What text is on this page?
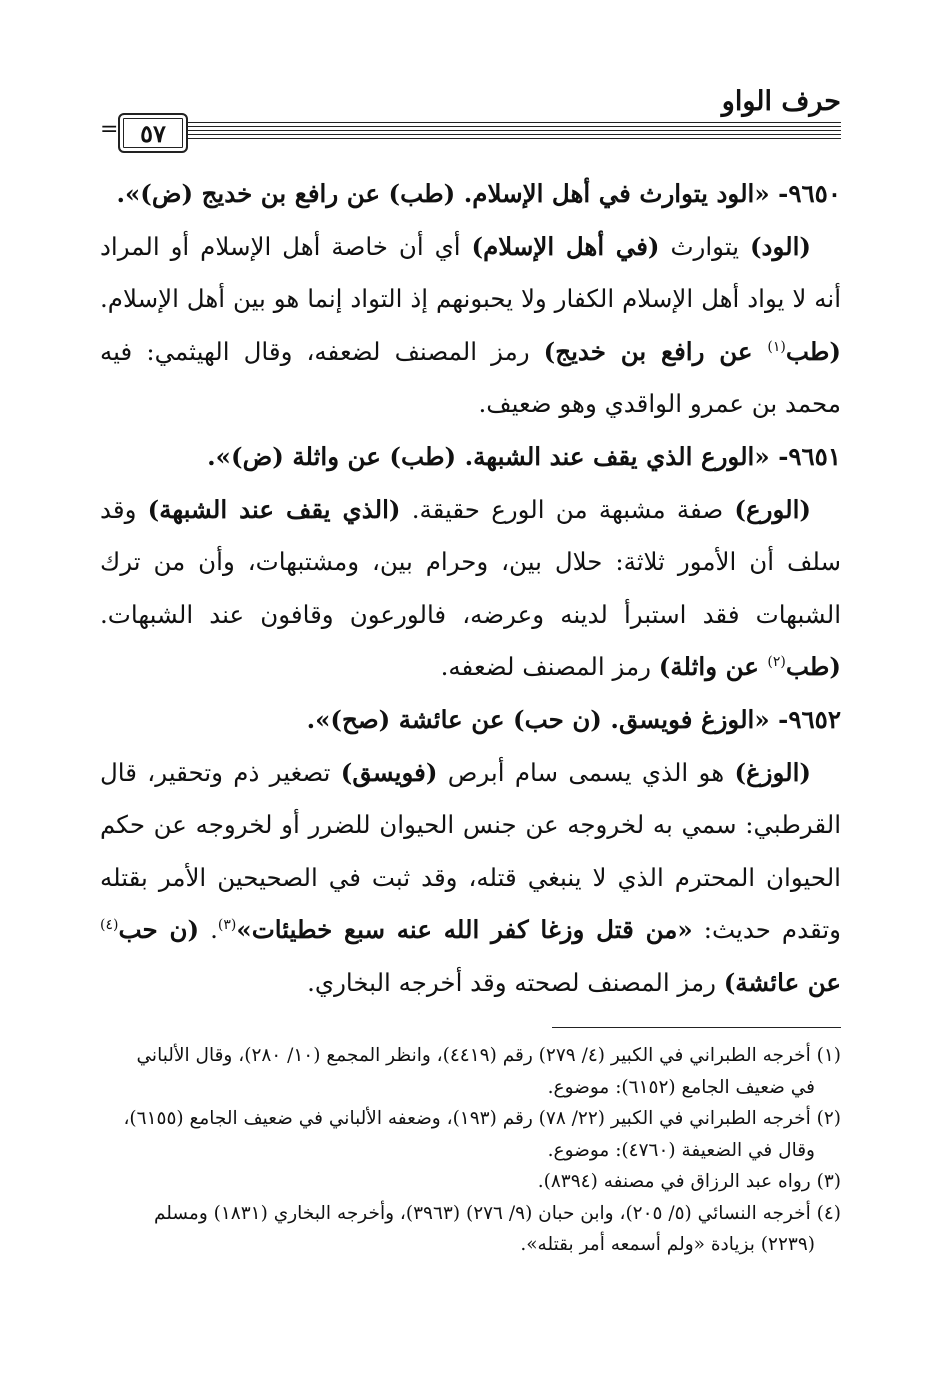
حرف الواو
= ٥٧

٩٦٥٠- «الود يتوارث في أهل الإسلام. (طب) عن رافع بن خديج (ض)».

(الود) يتوارث (في أهل الإسلام) أي أن خاصة أهل الإسلام أو المراد أنه لا يواد أهل الإسلام الكفار ولا يحبونهم إذ التواد إنما هو بين أهل الإسلام. (طب$^{(١)}$ عن رافع بن خديج) رمز المصنف لضعفه، وقال الهيثمي: فيه محمد بن عمرو الواقدي وهو ضعيف.

٩٦٥١- «الورع الذي يقف عند الشبهة. (طب) عن واثلة (ض)».

(الورع) صفة مشبهة من الورع حقيقة. (الذي يقف عند الشبهة) وقد سلف أن الأمور ثلاثة: حلال بين، وحرام بين، ومشتبهات، وأن من ترك الشبهات فقد استبرأ لدينه وعرضه، فالورعون وقافون عند الشبهات. (طب$^{(٢)}$ عن واثلة) رمز المصنف لضعفه.

٩٦٥٢- «الوزغ فويسق. (ن حب) عن عائشة (صح)».

(الوزغ) هو الذي يسمى سام أبرص (فويسق) تصغير ذم وتحقير، قال القرطبي: سمي به لخروجه عن جنس الحيوان للضرر أو لخروجه عن حكم الحيوان المحترم الذي لا ينبغي قتله، وقد ثبت في الصحيحين الأمر بقتله وتقدم حديث: «من قتل وزغا كفر الله عنه سبع خطيئات»$^{(٣)}$. (ن حب$^{(٤)}$ عن عائشة) رمز المصنف لصحته وقد أخرجه البخاري.

(١) أخرجه الطبراني في الكبير (٤/ ٢٧٩) رقم (٤٤١٩)، وانظر المجمع (١٠/ ٢٨٠)، وقال الألباني

في ضعيف الجامع (٦١٥٢): موضوع.

(٢) أخرجه الطبراني في الكبير (٢٢/ ٧٨) رقم (١٩٣)، وضعفه الألباني في ضعيف الجامع (٦١٥٥)،

وقال في الضعيفة (٤٧٦٠): موضوع.

(٣) رواه عبد الرزاق في مصنفه (٨٣٩٤).

(٤) أخرجه النسائي (٥/ ٢٠٥)، وابن حبان (٩/ ٢٧٦) (٣٩٦٣)، وأخرجه البخاري (١٨٣١) ومسلم

(٢٢٣٩) بزيادة «ولم أسمعه أمر بقتله».
